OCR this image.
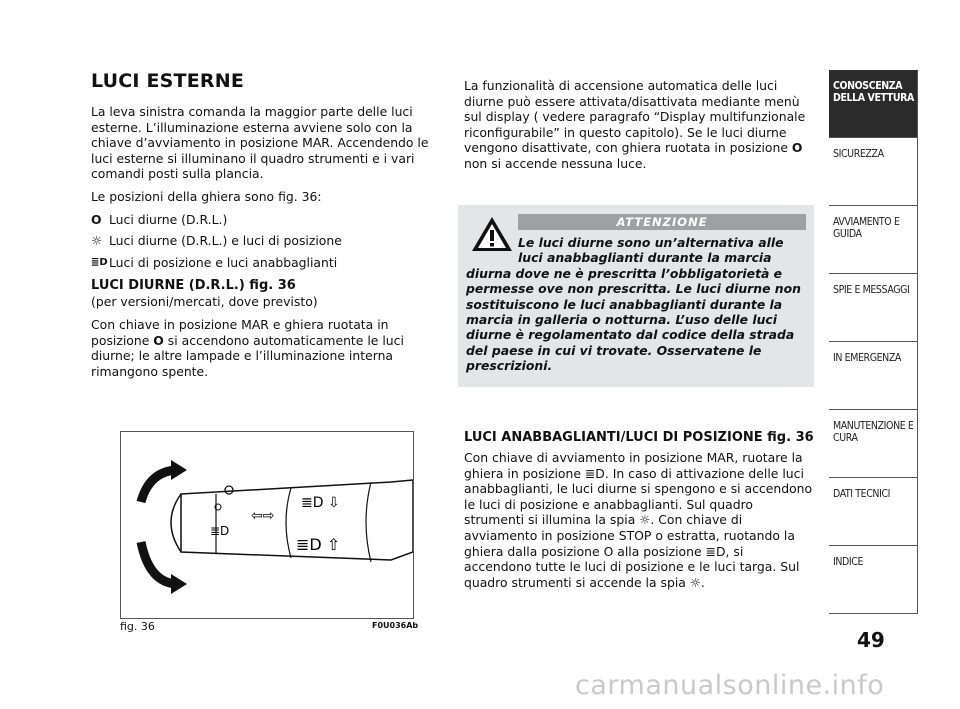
LUCI ESTERNE

La leva sinistra comanda la maggior parte delle luci esterne. L’illuminazione esterna avviene solo con la chiave d’avviamento in posizione MAR. Accendendo le luci esterne si illuminano il quadro strumenti e i vari comandi posti sulla plancia.

Le posizioni della ghiera sono fig. 36:

O Luci diurne (D.R.L.)
☼ Luci diurne (D.R.L.) e luci di posizione
≣D Luci di posizione e luci anabbaglianti
LUCI DIURNE (D.R.L.) fig. 36
(per versioni/mercati, dove previsto)

Con chiave in posizione MAR e ghiera ruotata in posizione O si accendono automaticamente le luci diurne; le altre lampade e l’illuminazione interna rimangono spente.

≣D
⇦⇨
≣D ⇩
≣D ⇧
fig. 36	F0U036Ab

La funzionalità di accensione automatica delle luci diurne può essere attivata/disattivata mediante menù sul display ( vedere paragrafo “Display multifunzionale riconfigurabile” in questo capitolo). Se le luci diurne vengono disattivate, con ghiera ruotata in posizione O non si accende nessuna luce.

ATTENZIONE
Le luci diurne sono un’alternativa alle
luci anabbaglianti durante la marcia
diurna dove ne è prescritta l’obbligatorietà e permesse ove non prescritta. Le luci diurne non sostituiscono le luci anabbaglianti durante la marcia in galleria o notturna. L’uso delle luci diurne è regolamentato dal codice della strada del paese in cui vi trovate. Osservatene le prescrizioni.
LUCI ANABBAGLIANTI/LUCI DI POSIZIONE fig. 36

Con chiave di avviamento in posizione MAR, ruotare la ghiera in posizione ≣D. In caso di attivazione delle luci anabbaglianti, le luci diurne si spengono e si accendono le luci di posizione e anabbaglianti. Sul quadro strumenti si illumina la spia ☼. Con chiave di avviamento in posizione STOP o estratta, ruotando la ghiera dalla posizione O alla posizione ≣D, si accendono tutte le luci di posizione e le luci targa. Sul quadro strumenti si accende la spia ☼.

CONOSCENZA DELLA VETTURA
SICUREZZA
AVVIAMENTO E GUIDA
SPIE E MESSAGGI
IN EMERGENZA
MANUTENZIONE E CURA
DATI TECNICI
INDICE
49
carmanualsonline.info
